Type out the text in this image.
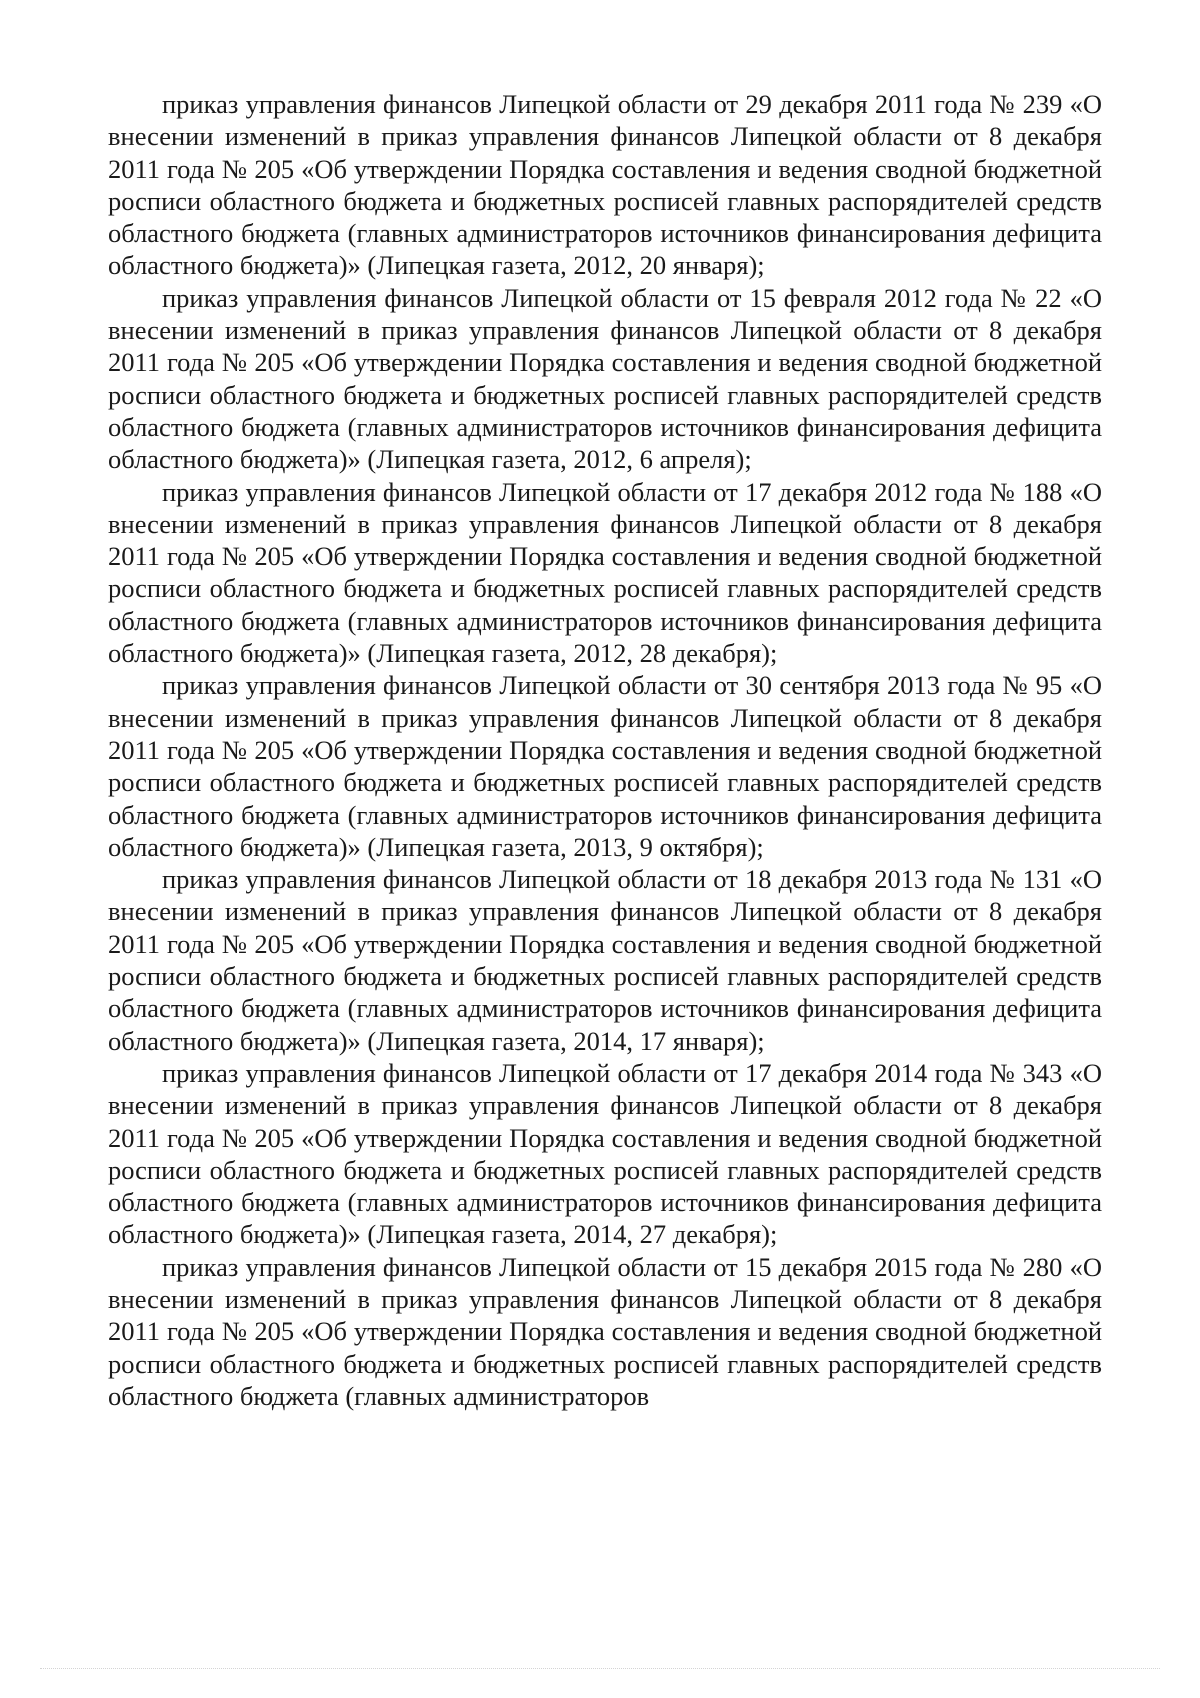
приказ управления финансов Липецкой области от 29 декабря 2011 года № 239 «О внесении изменений в приказ управления финансов Липецкой области от 8 декабря 2011 года № 205 «Об утверждении Порядка составления и ведения сводной бюджетной росписи областного бюджета и бюджетных росписей главных распорядителей средств областного бюджета (главных администраторов источников финансирования дефицита областного бюджета)» (Липецкая газета, 2012, 20 января);

приказ управления финансов Липецкой области от 15 февраля 2012 года № 22 «О внесении изменений в приказ управления финансов Липецкой области от 8 декабря 2011 года № 205 «Об утверждении Порядка составления и ведения сводной бюджетной росписи областного бюджета и бюджетных росписей главных распорядителей средств областного бюджета (главных администраторов источников финансирования дефицита областного бюджета)» (Липецкая газета, 2012, 6 апреля);

приказ управления финансов Липецкой области от 17 декабря 2012 года № 188 «О внесении изменений в приказ управления финансов Липецкой области от 8 декабря 2011 года № 205 «Об утверждении Порядка составления и ведения сводной бюджетной росписи областного бюджета и бюджетных росписей главных распорядителей средств областного бюджета (главных администраторов источников финансирования дефицита областного бюджета)» (Липецкая газета, 2012, 28 декабря);

приказ управления финансов Липецкой области от 30 сентября 2013 года № 95 «О внесении изменений в приказ управления финансов Липецкой области от 8 декабря 2011 года № 205 «Об утверждении Порядка составления и ведения сводной бюджетной росписи областного бюджета и бюджетных росписей главных распорядителей средств областного бюджета (главных администраторов источников финансирования дефицита областного бюджета)» (Липецкая газета, 2013, 9 октября);

приказ управления финансов Липецкой области от 18 декабря 2013 года № 131 «О внесении изменений в приказ управления финансов Липецкой области от 8 декабря 2011 года № 205 «Об утверждении Порядка составления и ведения сводной бюджетной росписи областного бюджета и бюджетных росписей главных распорядителей средств областного бюджета (главных администраторов источников финансирования дефицита областного бюджета)» (Липецкая газета, 2014, 17 января);

приказ управления финансов Липецкой области от 17 декабря 2014 года № 343 «О внесении изменений в приказ управления финансов Липецкой области от 8 декабря 2011 года № 205 «Об утверждении Порядка составления и ведения сводной бюджетной росписи областного бюджета и бюджетных росписей главных распорядителей средств областного бюджета (главных администраторов источников финансирования дефицита областного бюджета)» (Липецкая газета, 2014, 27 декабря);

приказ управления финансов Липецкой области от 15 декабря 2015 года № 280 «О внесении изменений в приказ управления финансов Липецкой области от 8 декабря 2011 года № 205 «Об утверждении Порядка составления и ведения сводной бюджетной росписи областного бюджета и бюджетных росписей главных распорядителей средств областного бюджета (главных администраторов
